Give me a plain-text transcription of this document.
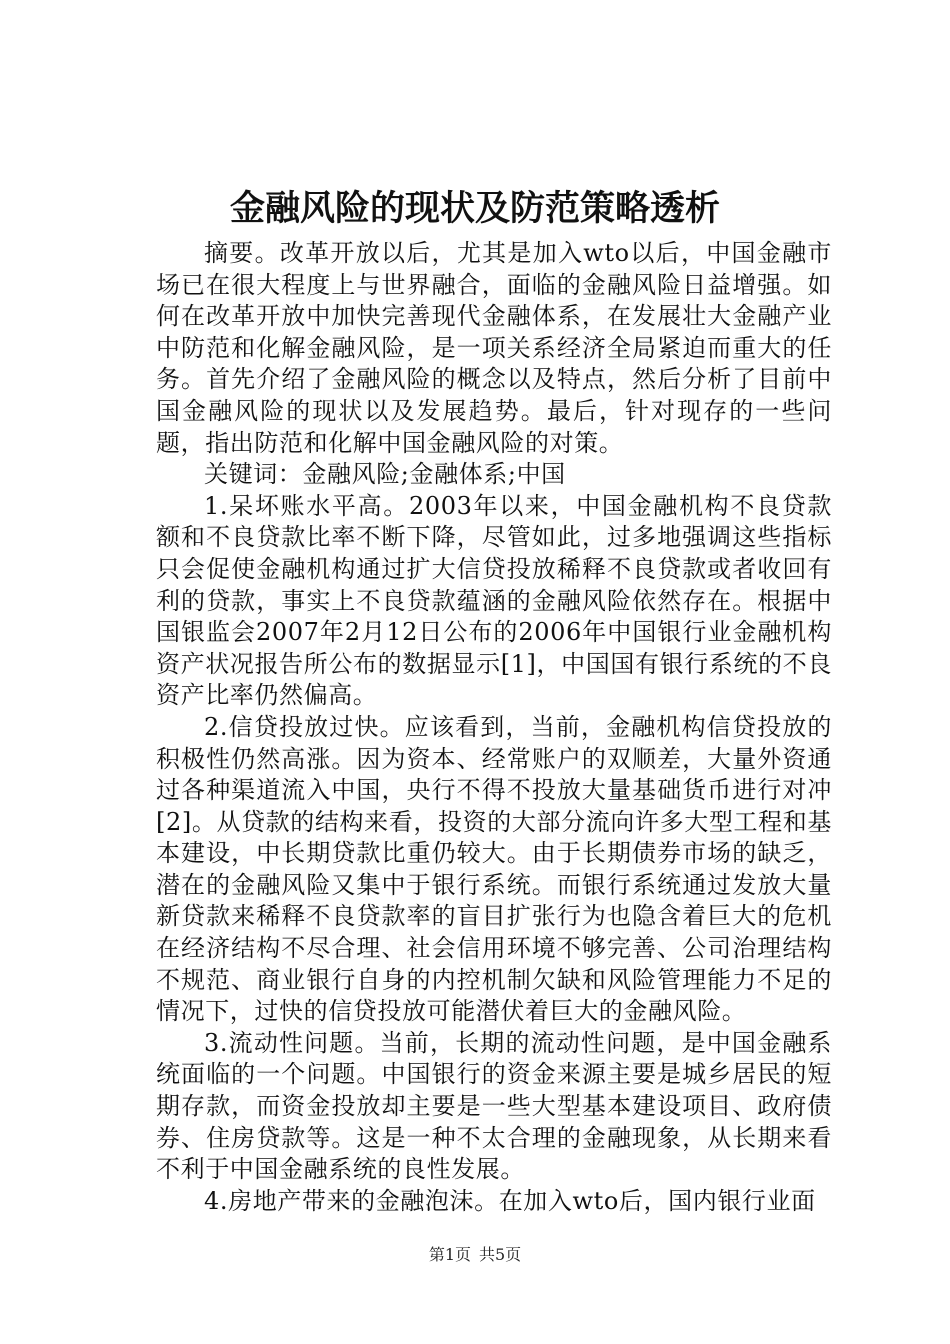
金融风险的现状及防范策略透析

摘要。改革开放以后，尤其是加入wto以后，中国金融市场已在很大程度上与世界融合，面临的金融风险日益增强。如何在改革开放中加快完善现代金融体系，在发展壮大金融产业中防范和化解金融风险，是一项关系经济全局紧迫而重大的任务。首先介绍了金融风险的概念以及特点，然后分析了目前中国金融风险的现状以及发展趋势。最后，针对现存的一些问题，指出防范和化解中国金融风险的对策。

关键词：金融风险;金融体系;中国

1.呆坏账水平高。2003年以来，中国金融机构不良贷款额和不良贷款比率不断下降，尽管如此，过多地强调这些指标只会促使金融机构通过扩大信贷投放稀释不良贷款或者收回有利的贷款，事实上不良贷款蕴涵的金融风险依然存在。根据中国银监会2007年2月12日公布的2006年中国银行业金融机构资产状况报告所公布的数据显示[1]，中国国有银行系统的不良资产比率仍然偏高。

2.信贷投放过快。应该看到，当前，金融机构信贷投放的积极性仍然高涨。因为资本、经常账户的双顺差，大量外资通过各种渠道流入中国，央行不得不投放大量基础货币进行对冲[2]。从贷款的结构来看，投资的大部分流向许多大型工程和基本建设，中长期贷款比重仍较大。由于长期债券市场的缺乏，潜在的金融风险又集中于银行系统。而银行系统通过发放大量新贷款来稀释不良贷款率的盲目扩张行为也隐含着巨大的危机在经济结构不尽合理、社会信用环境不够完善、公司治理结构不规范、商业银行自身的内控机制欠缺和风险管理能力不足的情况下，过快的信贷投放可能潜伏着巨大的金融风险。

3.流动性问题。当前，长期的流动性问题，是中国金融系统面临的一个问题。中国银行的资金来源主要是城乡居民的短期存款，而资金投放却主要是一些大型基本建设项目、政府债券、住房贷款等。这是一种不太合理的金融现象，从长期来看不利于中国金融系统的良性发展。

4.房地产带来的金融泡沫。在加入wto后，国内银行业面

第1页 共5页
